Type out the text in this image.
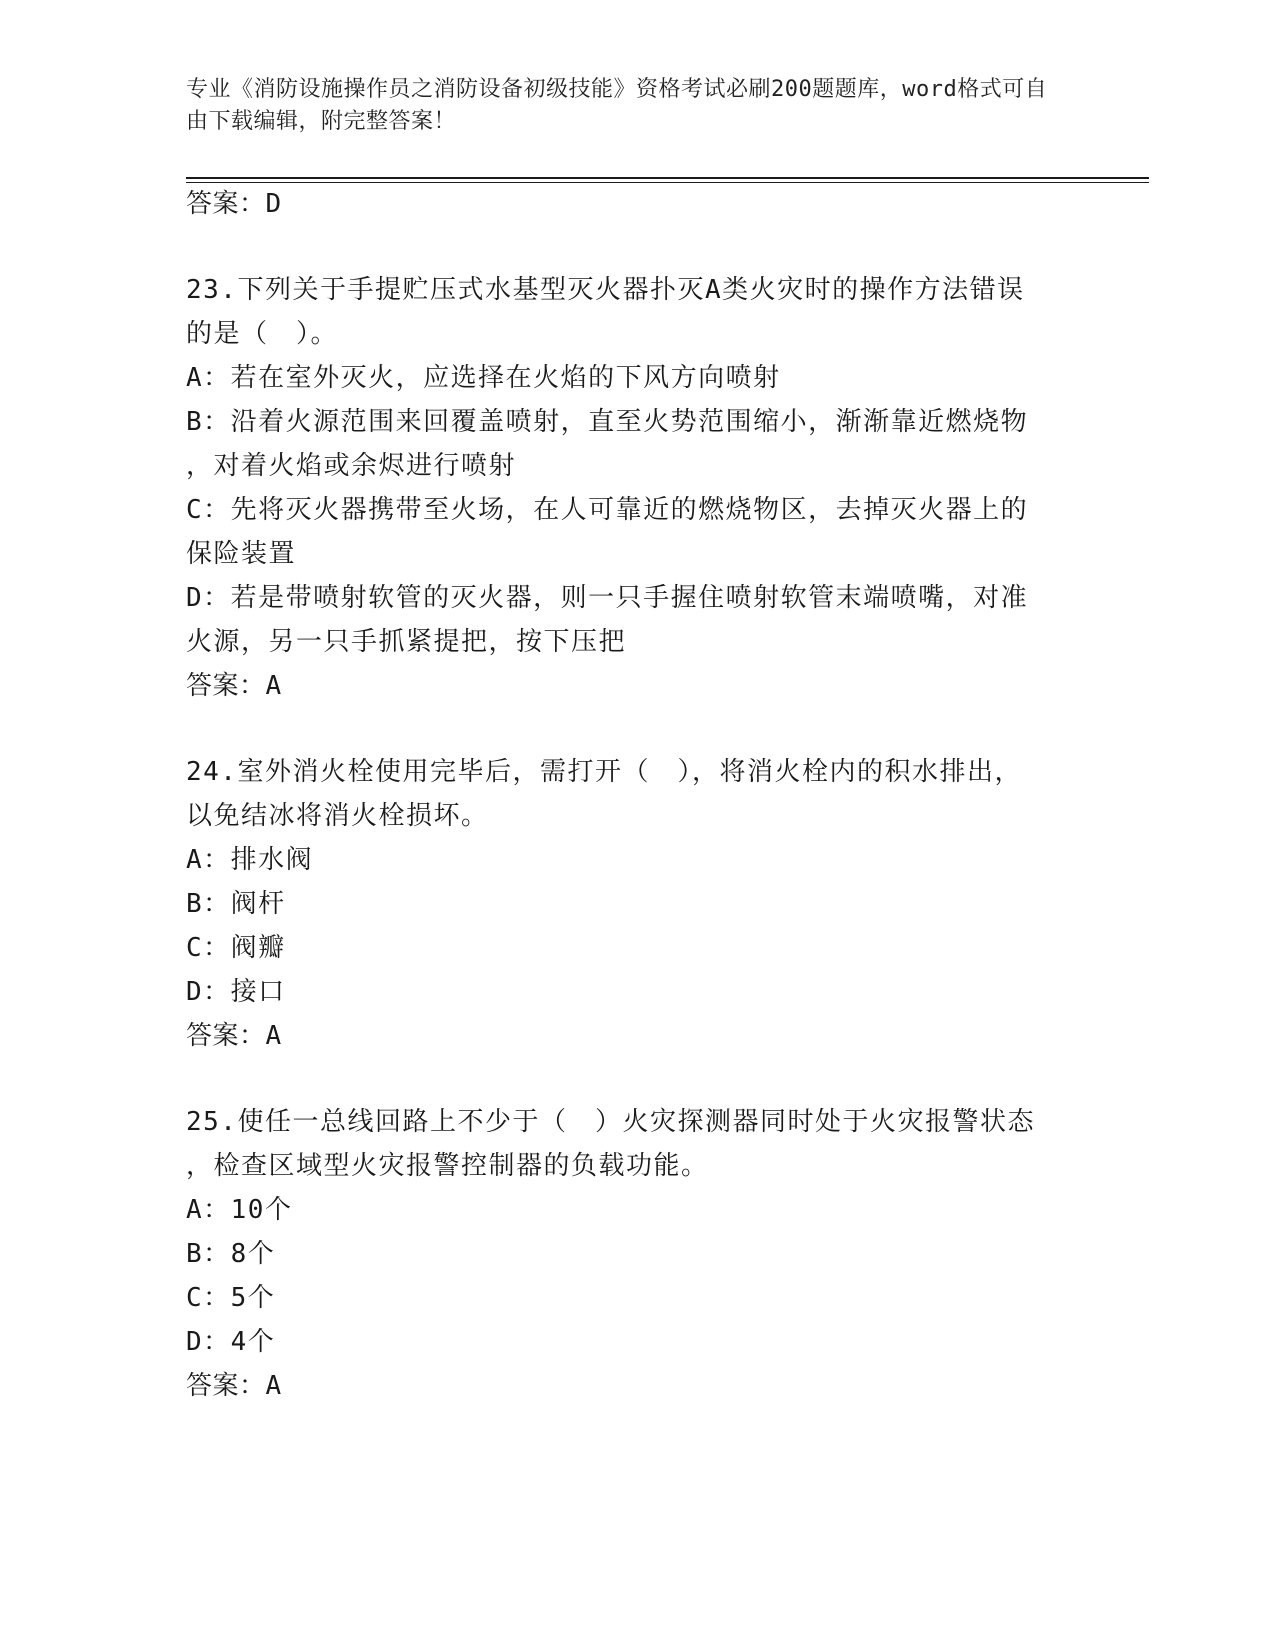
专业《消防设施操作员之消防设备初级技能》资格考试必刷200题题库，word格式可自由下载编辑，附完整答案！
答案：D
23.下列关于手提贮压式水基型灭火器扑灭A类火灾时的操作方法错误
的是（　）。
A：若在室外灭火，应选择在火焰的下风方向喷射
B：沿着火源范围来回覆盖喷射，直至火势范围缩小，渐渐靠近燃烧物
，对着火焰或余烬进行喷射
C：先将灭火器携带至火场，在人可靠近的燃烧物区，去掉灭火器上的
保险装置
D：若是带喷射软管的灭火器，则一只手握住喷射软管末端喷嘴，对准
火源，另一只手抓紧提把，按下压把
答案：A
24.室外消火栓使用完毕后，需打开（　），将消火栓内的积水排出，
以免结冰将消火栓损坏。
A：排水阀
B：阀杆
C：阀瓣
D：接口
答案：A
25.使任一总线回路上不少于（　）火灾探测器同时处于火灾报警状态
，检查区域型火灾报警控制器的负载功能。
A：10个
B：8个
C：5个
D：4个
答案：A
